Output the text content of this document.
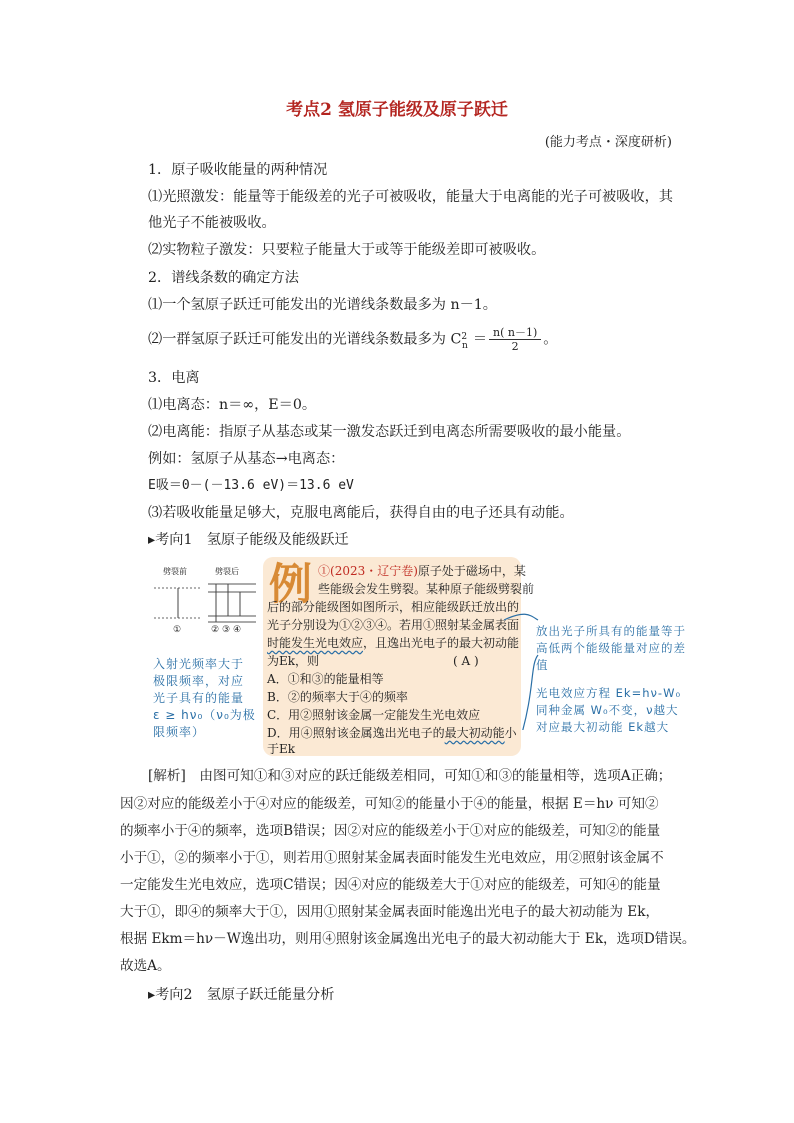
考点2 氢原子能级及原子跃迁
(能力考点・深度研析)
1．原子吸收能量的两种情况
⑴光照激发：能量等于能级差的光子可被吸收，能量大于电离能的光子可被吸收，其
他光子不能被吸收。
⑵实物粒子激发：只要粒子能量大于或等于能级差即可被吸收。
2．谱线条数的确定方法
⑴一个氢原子跃迁可能发出的光谱线条数最多为 n－1。
⑵一群氢原子跃迁可能发出的光谱线条数最多为 $C^2_n = \frac{n( n-1)}{2}$ 。
3．电离
⑴电离态：n＝∞，E＝0。
⑵电离能：指原子从基态或某一激发态跃迁到电离态所需要吸收的最小能量。
例如：氢原子从基态→电离态：
E吸＝0－(－13.6 eV)＝13.6 eV
⑶若吸收能量足够大，克服电离能后，获得自由的电子还具有动能。
▸考向1　氢原子能级及能级跃迁
劈裂前	劈裂后
①	② ③ ④
入射光频率大于
极限频率，对应
光子具有的能量
ε ≥ hν₀（ν₀为极
限频率）
例 ①(2023・辽宁卷)原子处于磁场中，某
些能级会发生劈裂。某种原子能级劈裂前
后的部分能级图如图所示，相应能级跃迁放出的
光子分别设为①②③④。若用①照射某金属表面
时能发生光电效应，且逸出光电子的最大初动能
为Ek，则	( A )
A．①和③的能量相等
B．②的频率大于④的频率
C．用②照射该金属一定能发生光电效应
D．用④照射该金属逸出光电子的最大初动能小
于Ek
放出光子所具有的能量等于
高低两个能级能量对应的差
值
光电效应方程 Ek=hν-W₀
同种金属 W₀不变，ν越大
对应最大初动能 Ek越大
[解析]　由图可知①和③对应的跃迁能级差相同，可知①和③的能量相等，选项A正确；
因②对应的能级差小于④对应的能级差，可知②的能量小于④的能量，根据 E＝hν 可知②
的频率小于④的频率，选项B错误；因②对应的能级差小于①对应的能级差，可知②的能量
小于①，②的频率小于①，则若用①照射某金属表面时能发生光电效应，用②照射该金属不
一定能发生光电效应，选项C错误；因④对应的能级差大于①对应的能级差，可知④的能量
大于①，即④的频率大于①，因用①照射某金属表面时能逸出光电子的最大初动能为 Ek，
根据 Ekm＝hν－W逸出功，则用④照射该金属逸出光电子的最大初动能大于 Ek，选项D错误。
故选A。
▸考向2　氢原子跃迁能量分析
